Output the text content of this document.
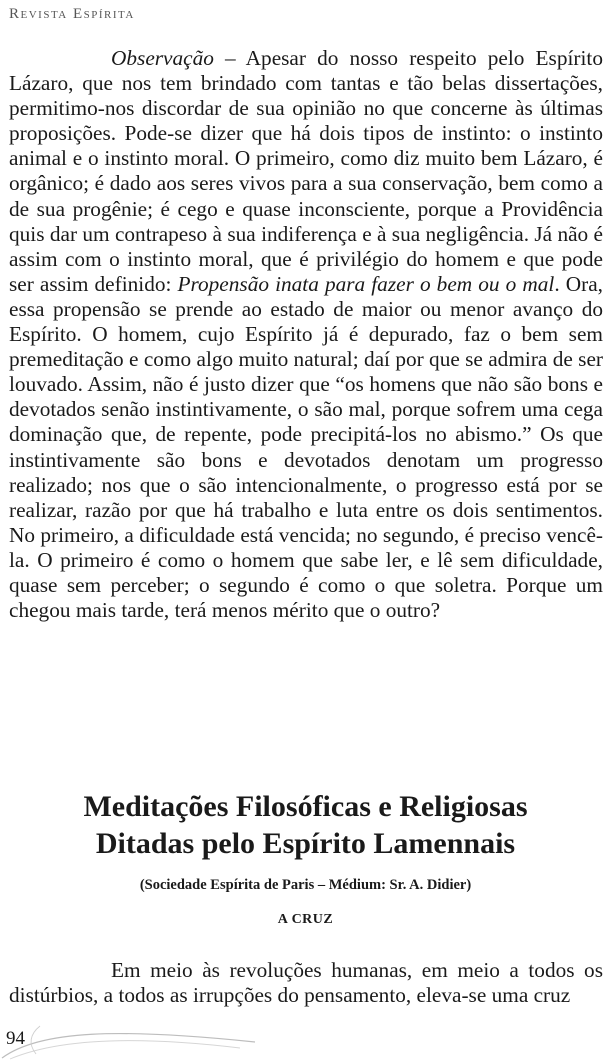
Revista Espírita

Observação – Apesar do nosso respeito pelo Espírito Lázaro, que nos tem brindado com tantas e tão belas dissertações, permitimo-nos discordar de sua opinião no que concerne às últimas proposições. Pode-se dizer que há dois tipos de instinto: o instinto animal e o instinto moral. O primeiro, como diz muito bem Lázaro, é orgânico; é dado aos seres vivos para a sua conservação, bem como a de sua progênie; é cego e quase inconsciente, porque a Providência quis dar um contrapeso à sua indiferença e à sua negligência. Já não é assim com o instinto moral, que é privilégio do homem e que pode ser assim definido: Propensão inata para fazer o bem ou o mal. Ora, essa propensão se prende ao estado de maior ou menor avanço do Espírito. O homem, cujo Espírito já é depurado, faz o bem sem premeditação e como algo muito natural; daí por que se admira de ser louvado. Assim, não é justo dizer que “os homens que não são bons e devotados senão instintivamente, o são mal, porque sofrem uma cega dominação que, de repente, pode precipitá-los no abismo.” Os que instintivamente são bons e devotados denotam um progresso realizado; nos que o são intencionalmente, o progresso está por se realizar, razão por que há trabalho e luta entre os dois sentimentos. No primeiro, a dificuldade está vencida; no segundo, é preciso vencê-la. O primeiro é como o homem que sabe ler, e lê sem dificuldade, quase sem perceber; o segundo é como o que soletra. Porque um chegou mais tarde, terá menos mérito que o outro?

Meditações Filosóficas e Religiosas
Ditadas pelo Espírito Lamennais
(Sociedade Espírita de Paris – Médium: Sr. A. Didier)
A CRUZ

Em meio às revoluções humanas, em meio a todos os distúrbios, a todos as irrupções do pensamento, eleva-se uma cruz

94
